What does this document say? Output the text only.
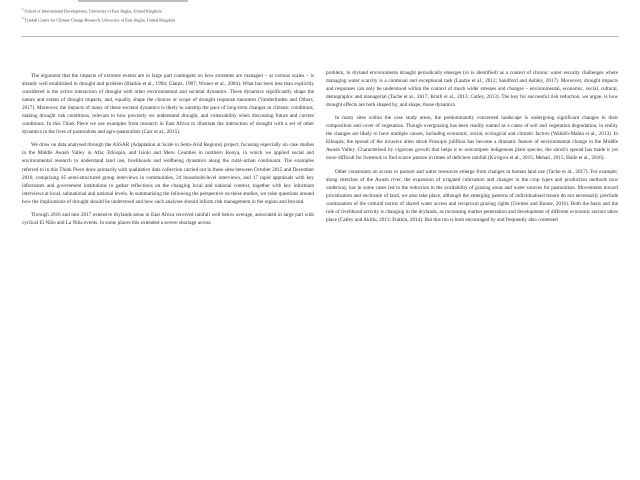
$^a$ School of International Development, University of East Anglia, United Kingdom
$^b$ Tyndall Centre for Climate Change Research, University of East Anglia, United Kingdom

The argument that the impacts of extreme events are in large part contingent on how extremes are managed – at various scales – is already well established in drought and problem (Blaikie et al., 1994; Glantz, 1987; Wisner et al., 2004). What has been less than explicitly considered is the active interaction of drought with other environmental and societal dynamics. These dynamics significantly shape the nature and extent of drought impacts, and, equally, shape the choices or scope of drought response measures (Vanderlinden and Others, 2017). Moreover, the impacts of many of these societal dynamics is likely to outstrip the pace of long-term changes in climatic conditions, making drought risk conditions, relevant to how precisely we understand drought, and vulnerability when discussing future and current conditions. In this Think Piece we use examples from research in East Africa to illustrate the interaction of drought with a set of other dynamics in the lives of pastoralists and agro-pastoralists (Carr et al., 2015).

We draw on data analysed through the ASSAR (Adaptation at Scale in Semi-Arid Regions) project, focusing especially on case studies in the Middle Awash Valley in Afar, Ethiopia, and Isiolo and Meru Counties in northern Kenya, in which we applied social and environmental research to understand land use, livelihoods and wellbeing dynamics along the rural–urban continuum. The examples referred to in this Think Piece draw primarily with qualitative data collection carried out in these sites between October 2015 and December 2016, comprising 45 semi-structured group interviews in communities, 24 household-level interviews, and 17 rapid appraisals with key informants and government institutions to gather reflections on the changing local and national context, together with key informant interviews at local, subnational and national levels. In summarising the following the perspective on these studies, we raise questions around how the implications of drought should be understood and how such analyses should inform risk management in the region and beyond.

Through 2016 and into 2017 extensive drylands areas in East Africa received rainfall well below average, associated in large part with cyclical El Niño and La Niña events. In some places this extended a severe shortage across

problem, in dryland environments drought periodically emerges (or is identified) as a context of chronic water security challenges where managing water scarcity is a continual and exceptional task (Lautze et al., 2012; Sandford and Ashley, 2017). Moreover, drought impacts and responses can only be understood within the context of much wider stresses and changes – environmental, economic, social, cultural, demographic and managerial (Tache et al., 2017; Kratli et al., 2013; Catley, 2013). The key for successful risk reduction, we argue, is how drought effects are both shaped by, and shape, those dynamics.

In many sites within the case study areas, the predominantly concerned landscape is undergoing significant changes in their composition and cover of vegetation. Though overgrazing has been readily named as a cause of soil and vegetation degradation, in reality the changes are likely to have multiple causes, including economic, social, ecological and climatic factors (Wahlöh-Mahia et al., 2013). In Ethiopia, the spread of the invasive alien shrub Prosopis juliflora has become a dramatic feature of environmental change in the Middle Awash Valley. Characterised by vigorous growth that helps it to outcompete indigenous plant species, the shrub's spread has made it yet more difficult for livestock to find scarce pasture in times of deficient rainfall (Kirrigwa et al., 2015; Mehari, 2015; Haile et al., 2016).

Other constraints on access to pasture and water resources emerge from changes in human land use (Tache et al., 2017). For example, along stretches of the Awash river, the expansion of irrigated cultivation and changes in the crop types and production methods now underway, has in some cases led to the reduction in the availability of grazing areas and water sources for pastoralists. Movements toward privatisation and enclosure of land, we also take place, although the emerging patterns of individualised tenure do not necessarily preclude continuation of the cultural norms of shared water access and reciprocal grazing rights (Greiner and Boone, 2016). Both the basis and the role of livelihood activity is changing in the drylands, as increasing market penetration and development of different economic sectors takes place (Catley and Aklilu, 2013; Fratkin, 2014). But this too is both encouraged by and frequently also contested
